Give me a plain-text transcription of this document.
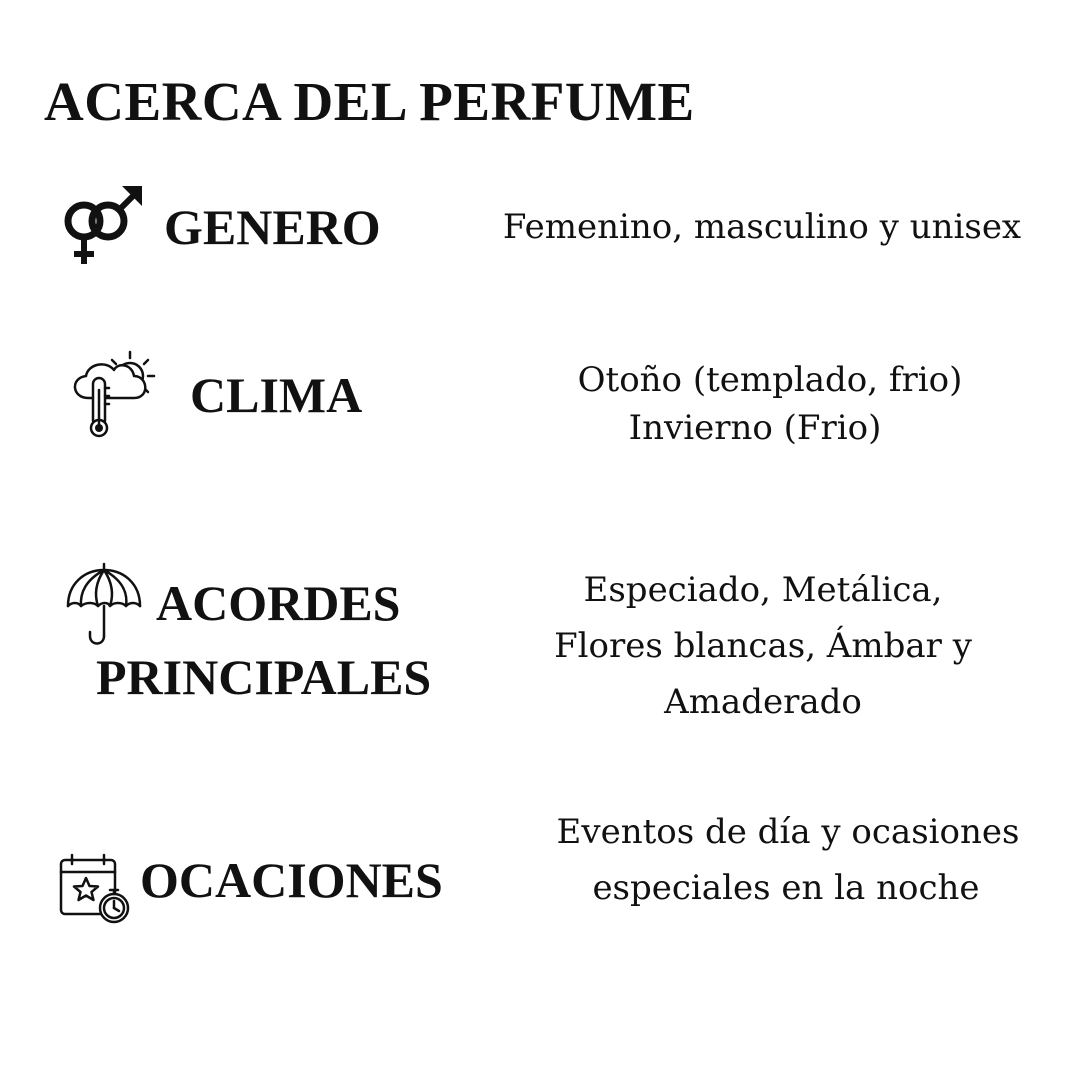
ACERCA DEL PERFUME
GENERO	Femenino, masculino y unisex

CLIMA	Otoño (templado, frio)
Invierno (Frio)

ACORDES
PRINCIPALES

Especiado, Metálica,
Flores blancas, Ámbar y
Amaderado

OCACIONES

Eventos de día y ocasiones
especiales en la noche
